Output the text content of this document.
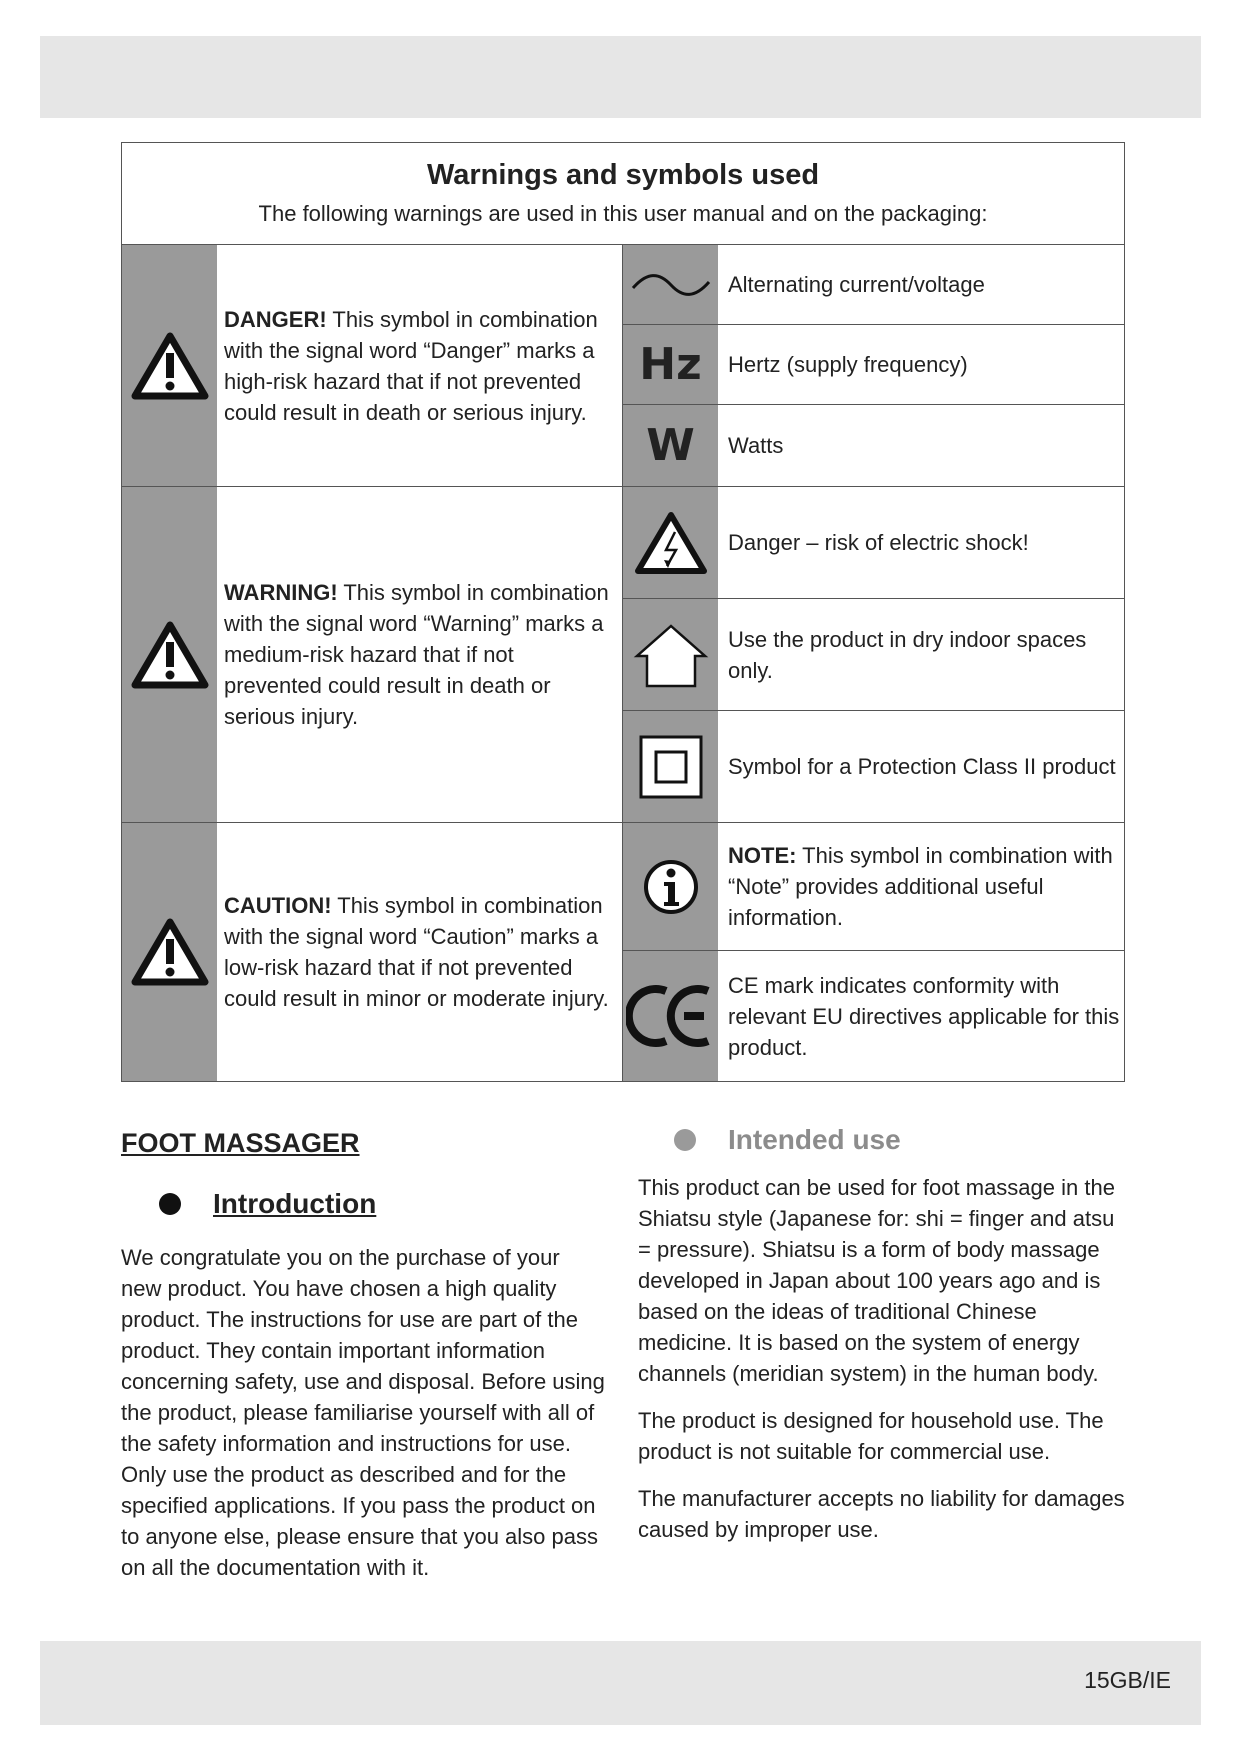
Warnings and symbols used
The following warnings are used in this user manual and on the packaging:
DANGER! This symbol in combination with the signal word “Danger” marks a high-risk hazard that if not prevented could result in death or serious injury.
WARNING! This symbol in combination with the signal word “Warning” marks a medium-risk hazard that if not prevented could result in death or serious injury.
CAUTION! This symbol in combination with the signal word “Caution” marks a low-risk hazard that if not prevented could result in minor or moderate injury.
Alternating current/voltage
Hz Hertz (supply frequency)
W Watts
Danger – risk of electric shock!
Use the product in dry indoor spaces only.
Symbol for a Protection Class II product
NOTE: This symbol in combination with “Note” provides additional useful information.
CE mark indicates conformity with relevant EU directives applicable for this product.
FOOT MASSAGER
Introduction

We congratulate you on the purchase of your new product. You have chosen a high quality product. The instructions for use are part of the product. They contain important information concerning safety, use and disposal. Before using the product, please familiarise yourself with all of the safety information and instructions for use. Only use the product as described and for the specified applications. If you pass the product on to anyone else, please ensure that you also pass on all the documentation with it.

Intended use

This product can be used for foot massage in the Shiatsu style (Japanese for: shi = finger and atsu = pressure). Shiatsu is a form of body massage developed in Japan about 100 years ago and is based on the ideas of traditional Chinese medicine. It is based on the system of energy channels (meridian system) in the human body.

The product is designed for household use. The product is not suitable for commercial use.

The manufacturer accepts no liability for damages caused by improper use.

15GB/IE
